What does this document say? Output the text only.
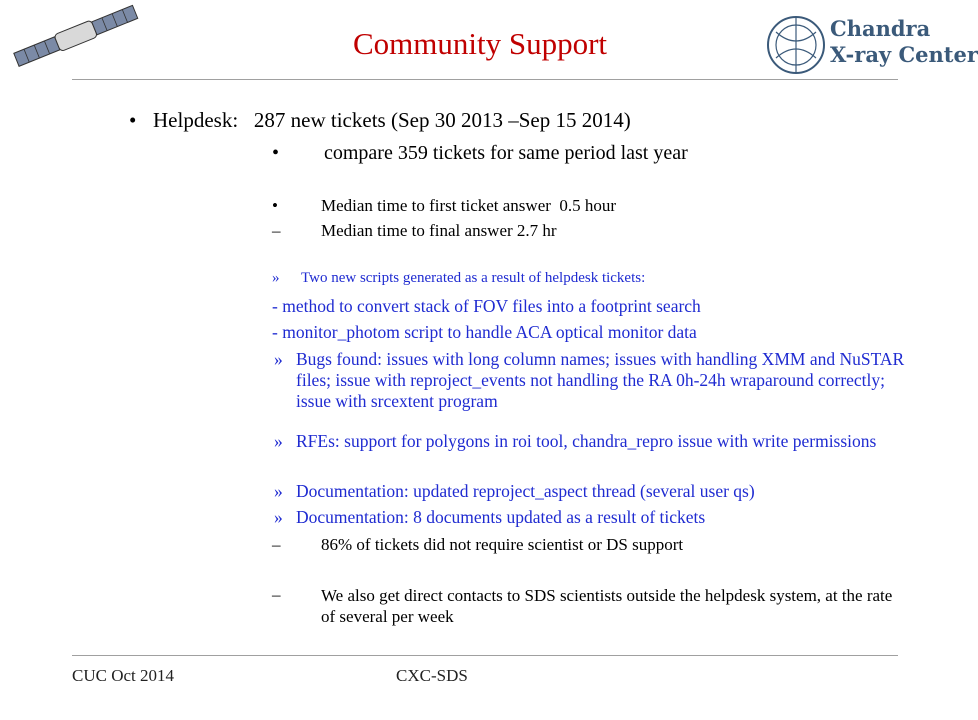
Chandra
X-ray Center
Community Support
• Helpdesk:   287 new tickets (Sep 30 2013 –Sep 15 2014)
• compare 359 tickets for same period last year
•	Median time to first ticket answer  0.5 hour
– Median time to final answer 2.7 hr
» Two new scripts generated as a result of helpdesk tickets:
- method to convert stack of FOV files into a footprint search
- monitor_photom script to handle ACA optical monitor data
» Bugs found: issues with long column names; issues with handling XMM and NuSTAR files; issue with reproject_events not handling the RA 0h-24h wraparound correctly; issue with srcextent program
» RFEs: support for polygons in roi tool, chandra_repro issue with write permissions
» Documentation: updated reproject_aspect thread (several user qs)
» Documentation: 8 documents updated as a result of tickets
– 86% of tickets did not require scientist or DS support
– We also get direct contacts to SDS scientists outside the helpdesk system, at the rate of several per week
CUC Oct 2014	CXC-SDS
